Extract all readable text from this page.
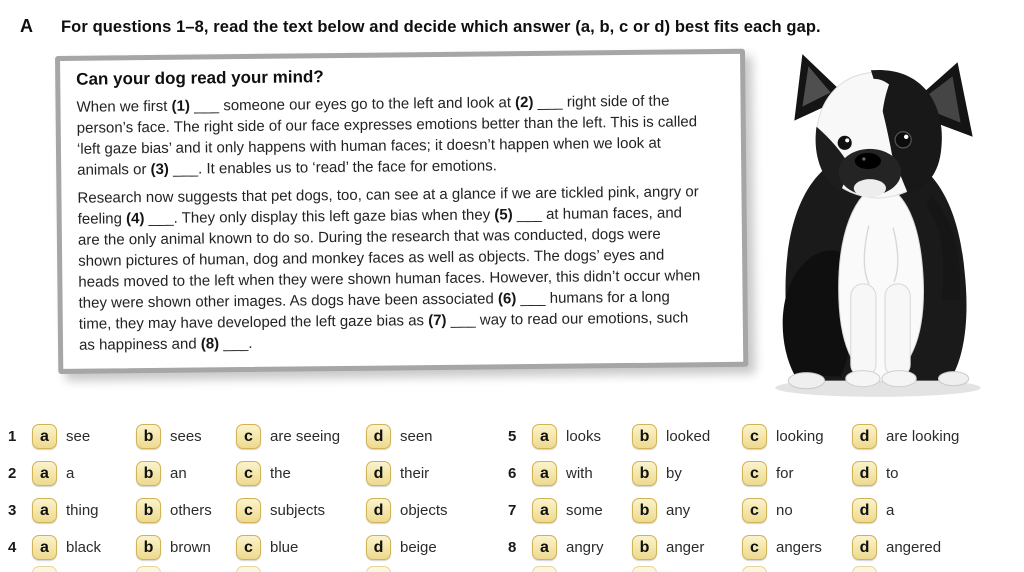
A For questions 1–8, read the text below and decide which answer (a, b, c or d) best fits each gap.
Can your dog read your mind?

When we first (1) ___ someone our eyes go to the left and look at (2) ___ right side of the person’s face. The right side of our face expresses emotions better than the left. This is called ‘left gaze bias’ and it only happens with human faces; it doesn’t happen when we look at animals or (3) ___. It enables us to ‘read’ the face for emotions.

Research now suggests that pet dogs, too, can see at a glance if we are tickled pink, angry or feeling (4) ___. They only display this left gaze bias when they (5) ___ at human faces, and are the only animal known to do so. During the research that was conducted, dogs were shown pictures of human, dog and monkey faces as well as objects. The dogs’ eyes and heads moved to the left when they were shown human faces. However, this didn’t occur when they were shown other images. As dogs have been associated (6) ___ humans for a long time, they may have developed the left gaze bias as (7) ___ way to read our emotions, such as happiness and (8) ___.

1	a	see	b	sees	c	are seeing	d	seen
2	a	a	b	an	c	the	d	their
3	a	thing	b	others	c	subjects	d	objects
4	a	black	b	brown	c	blue	d	beige
5	a	looks	b	looked	c	looking	d	are looking
6	a	with	b	by	c	for	d	to
7	a	some	b	any	c	no	d	a
8	a	angry	b	anger	c	angers	d	angered
